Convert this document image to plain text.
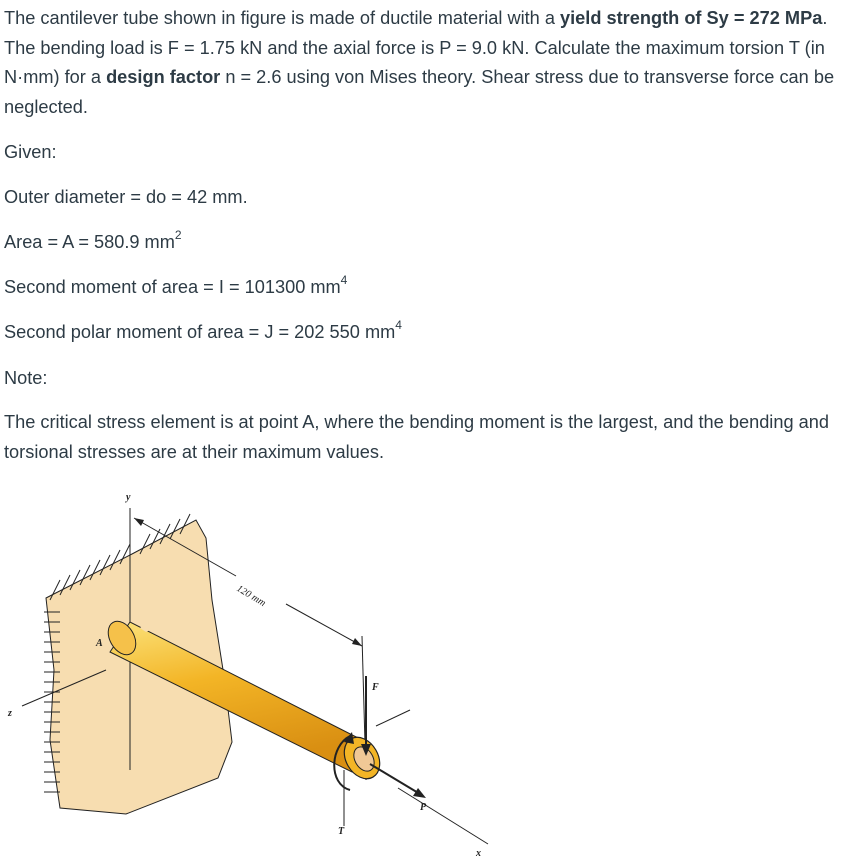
The cantilever tube shown in figure is made of ductile material with a yield strength of Sy = 272 MPa. The bending load is F = 1.75 kN and the axial force is P = 9.0 kN. Calculate the maximum torsion T (in N·mm) for a design factor n = 2.6 using von Mises theory. Shear stress due to transverse force can be neglected.

Given:

Outer diameter = do = 42 mm.

Area = A = 580.9 $mm^2$

Second moment of area = I = 101300 $mm^4$

Second polar moment of area = J = 202 550 $mm^4$

Note:

The critical stress element is at point A, where the bending moment is the largest, and the bending and torsional stresses are at their maximum values.

y
z
x
120 mm
A
F
P
T
